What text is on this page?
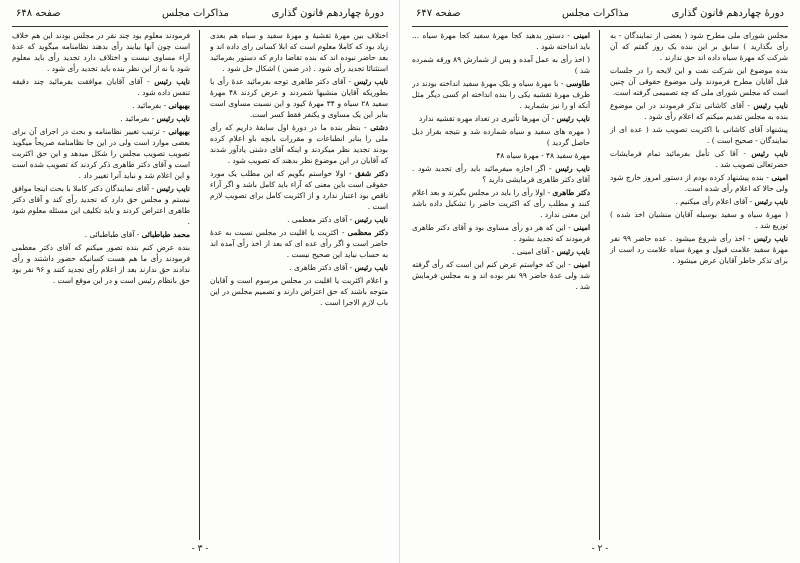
دورهٔ چهاردهم قانون گذاری
مذاکرات مجلس
صفحه ۶۴۸

اختلاف بین مهرهٔ تقشیهٔ و مهرهٔ سفید و سیاه هم بعدی زیاد بود که کاملا معلوم است که ابلا کسانی رای داده اند و بعد حاضر نبوده اند که بنده تقاضا دارم که دستور بفرمائید استثنائا تجدید رأی شود . (در ضمن ) اشکال حل شود .

نایب رئیس - آقای دکتر طاهری توجه بفرمائید عدهٔ رأی با بطوریکه آقایان منشیها شمردند و عرض کردند ۴۸ مهرهٔ سفید ۲۸ سیاه و ۳۴ مهرهٔ کبود و این نسبت مساوی است بنابر این یک مساوی و یکنفر فقط کسر است.

دشتی - بنظر بنده ما در دورهٔ اول سابقهٔ داریم که رأی ملی را بنابر انطباعات و مقررات بانچه باو اعلام کرده بودند تجدید نظر میکردند و اینکه آقای دشتی یادآور شدند که آقایان در این موضوع نظر بدهند که تصویب شود .

دکتر شفق - اولا خواستم بگویم که این مطلب یک مورد حقوقی است باین معنی که آراء باید کامل باشد و اگر آراء ناقص بود اعتبار ندارد و از اکثریت کامل برای تصویب لازم است .

نایب رئیس - آقای دکتر معظمی .

دکتر معظمی - اکثریت یا اقلیت در مجلس نسبت به عدهٔ حاضر است و اگر رأی عده ای که بعد از اخذ رأی آمده اند به حساب نیاید این صحیح نیست .

نایب رئیس - آقای دکتر طاهری .

و اعلام اکثریت یا اقلیت در مجلس مرسوم است و آقایان متوجه باشند که حق اعتراض دارند و تصمیم مجلس در این باب لازم الاجرا است .

فرمودند معلوم بود چند نفر در مجلس بودند این هم خلاف است چون آنها بیایند رأی بدهند نظامنامه میگوید که عدهٔ آراء مساوی نیست و اختلاف دارد تجدید رأی باید معلوم شود یا نه از این نظر بنده باید تجدید رأی شود .

نایب رئیس - آقای آقایان موافقت بفرمائید چند دقیقه تنفس داده شود .

بهبهانی - بفرمائید .

نایب رئیس - بفرمائید .

بهبهانی - ترتیب تغییر نظامنامه و بحث در اجرای آن برای بعضی موارد است ولی در این جا نظامنامه صریحاً میگوید تصویب تصویب مجلس را شکل میدهد و این حق اکثریت است و آقای دکتر طاهری ذکر کردند که تصویب شده است و این اعلام شد و نباید آنرا تغییر داد .

نایب رئیس - آقای نمایندگان دکتر کاملا با بحث اینجا موافق نیستم و مجلس حق دارد که تجدید رأی کند و آقای دکتر طاهری اعتراض کردند و باید تکلیف این مسئله معلوم شود .

محمد طباطبائی - آقای طباطبائی .

بنده عرض کنم بنده تصور میکنم که آقای دکتر معظمی فرمودند رأی ما هم هست کسانیکه حضور داشتند و رأی ندادند حق ندارند بعد از اعلام رأی تجدید کنند و ۹۶ نفر بود حق بانظام رئیس است و در این موقع است .

- ٣ -
دورهٔ چهاردهم قانون گذاری
مذاکرات مجلس
صفحه ۶۴۷

مجلس شورای ملی مطرح شود ( بعضی از نمایندگان - به رأی بگذارید ) سابق بر این بنده یک روز گفتم که آن شرکت که مهرهٔ سیاه داده اند حق ندارند .

بنده موضوع این شرکت نفت و این لایحه را در جلسات قبل آقایان مطرح فرمودند ولی موضوع حقوقی آن چنین است که مجلس شورای ملی که چه تصمیمی گرفته است.

نایب رئیس - آقای کاشانی تذکر فرمودند در این موضوع بنده به مجلس تقدیم میکنم که اعلام رأی شود .

پیشنهاد آقای کاشانی با اکثریت تصویب شد ( عده ای از نمایندگان - صحیح است ) .

نایب رئیس - آقا کی تأمل بفرمائید تمام فرمایشات حضرتعالی تصویب شد .

امینی - بنده پیشنهاد کرده بودم از دستور امروز خارج شود ولی حالا که اعلام رأی شده است.

نایب رئیس - آقای اعلام رأی میکنیم .

( مهرهٔ سیاه و سفید بوسیله آقایان منشیان اخذ شده ) توزیع شد .

نایب رئیس - اخذ رأی شروع میشود . عده حاضر ۹۹ نفر مهرهٔ سفید علامت قبول و مهرهٔ سیاه علامت رد است از برای تذکر خاطر آقایان عرض میشود .

امینی - دستور بدهید کجا مهرهٔ سفید کجا مهرهٔ سیاه ... باید انداخته شود .

( اخذ رأی به عمل آمده و پس از شمارش ۸۹ ورقه شمرده شد )

طاوسی - با مهرهٔ سیاه و بلک مهرهٔ سفید انداخته بودند در ظرف مهرهٔ تقشیه یکی را بنده انداخته ام کسی دیگر مثل آنکه او را نیز بشمارید .

نایب رئیس - آن مهرها تأثیری در تعداد مهره تقشیه ندارد

( مهره های سفید و سیاه شمارده شد و نتیجه بقرار ذیل حاصل گردید )

مهرهٔ سفید ۴۸ - مهرهٔ سیاه ۴۸

نایب رئیس - اگر اجازه میفرمائید باید رأی تجدید شود . آقای دکتر طاهری فرمایشی دارید ؟

دکتر طاهری - اولا رأی را باید در مجلس بگیرند و بعد اعلام کنند و مطلب رأی که اکثریت حاضر را تشکیل داده باشد این معنی ندارد .

امینی - این که هر دو رأی مساوی بود و آقای دکتر طاهری فرمودند که تجدید بشود .

نایب رئیس - آقای امینی .

امینی - این که خواستم عرض کنم این است که رأی گرفته شد ولی عدهٔ حاضر ۹۹ نفر بوده اند و به مجلس فرمایش شد .

- ٢ -
